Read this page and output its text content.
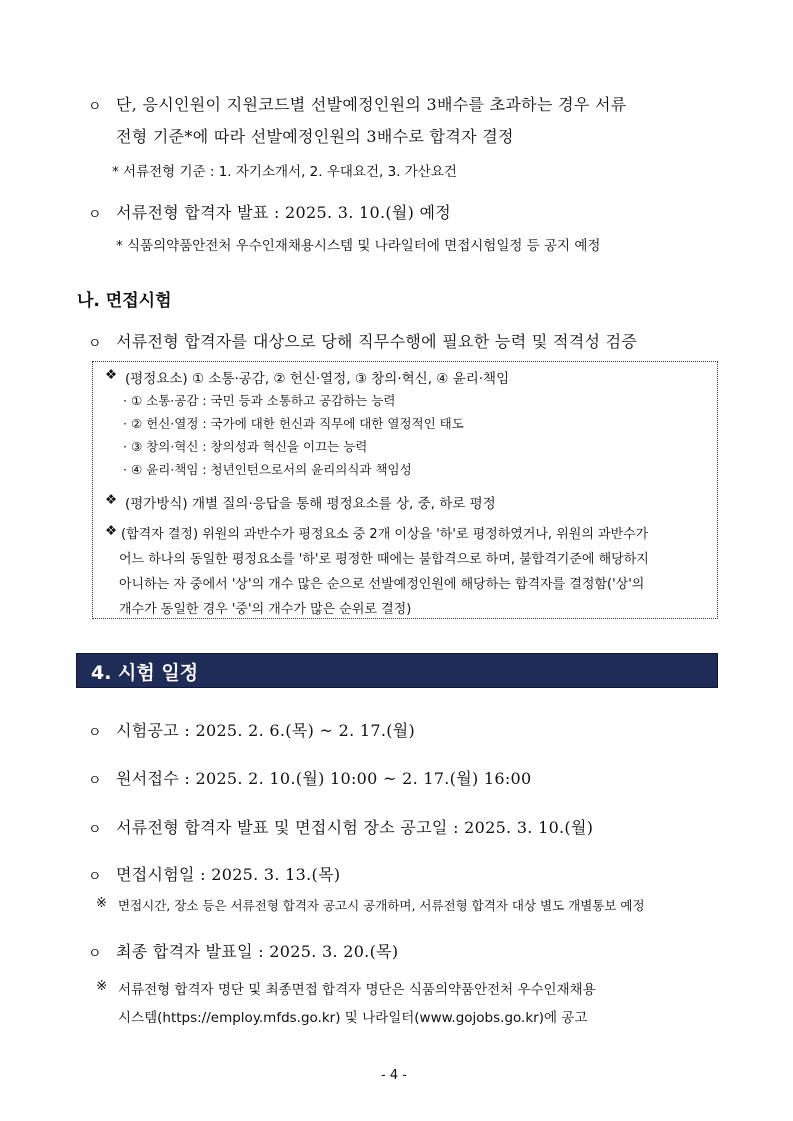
ㅇ 단, 응시인원이 지원코드별 선발예정인원의 3배수를 초과하는 경우 서류
전형 기준*에 따라 선발예정인원의 3배수로 합격자 결정
* 서류전형 기준 : 1. 자기소개서, 2. 우대요건, 3. 가산요건
ㅇ 서류전형 합격자 발표 : 2025. 3. 10.(월) 예정
* 식품의약품안전처 우수인재채용시스템 및 나라일터에 면접시험일정 등 공지 예정
나. 면접시험
ㅇ 서류전형 합격자를 대상으로 당해 직무수행에 필요한 능력 및 적격성 검증
❖ (평정요소) ① 소통·공감, ② 헌신·열정, ③ 창의·혁신, ④ 윤리·책임
· ① 소통·공감 : 국민 등과 소통하고 공감하는 능력
· ② 헌신·열정 : 국가에 대한 헌신과 직무에 대한 열정적인 태도
· ③ 창의·혁신 : 창의성과 혁신을 이끄는 능력
· ④ 윤리·책임 : 청년인턴으로서의 윤리의식과 책임성
❖ (평가방식) 개별 질의·응답을 통해 평정요소를 상, 중, 하로 평정
❖ (합격자 결정) 위원의 과반수가 평정요소 중 2개 이상을 '하'로 평정하였거나, 위원의 과반수가
어느 하나의 동일한 평정요소를 '하'로 평정한 때에는 불합격으로 하며, 불합격기준에 해당하지
아니하는 자 중에서 '상'의 개수 많은 순으로 선발예정인원에 해당하는 합격자를 결정함('상'의
개수가 동일한 경우 '중'의 개수가 많은 순위로 결정)
4. 시험 일정
ㅇ 시험공고 : 2025. 2. 6.(목) ~ 2. 17.(월)
ㅇ 원서접수 : 2025. 2. 10.(월) 10:00 ~ 2. 17.(월) 16:00
ㅇ 서류전형 합격자 발표 및 면접시험 장소 공고일 : 2025. 3. 10.(월)
ㅇ 면접시험일 : 2025. 3. 13.(목)
※ 면접시간, 장소 등은 서류전형 합격자 공고시 공개하며, 서류전형 합격자 대상 별도 개별통보 예정
ㅇ 최종 합격자 발표일 : 2025. 3. 20.(목)
※ 서류전형 합격자 명단 및 최종면접 합격자 명단은 식품의약품안전처 우수인재채용
시스템(https://employ.mfds.go.kr) 및 나라일터(www.gojobs.go.kr)에 공고
- 4 -
